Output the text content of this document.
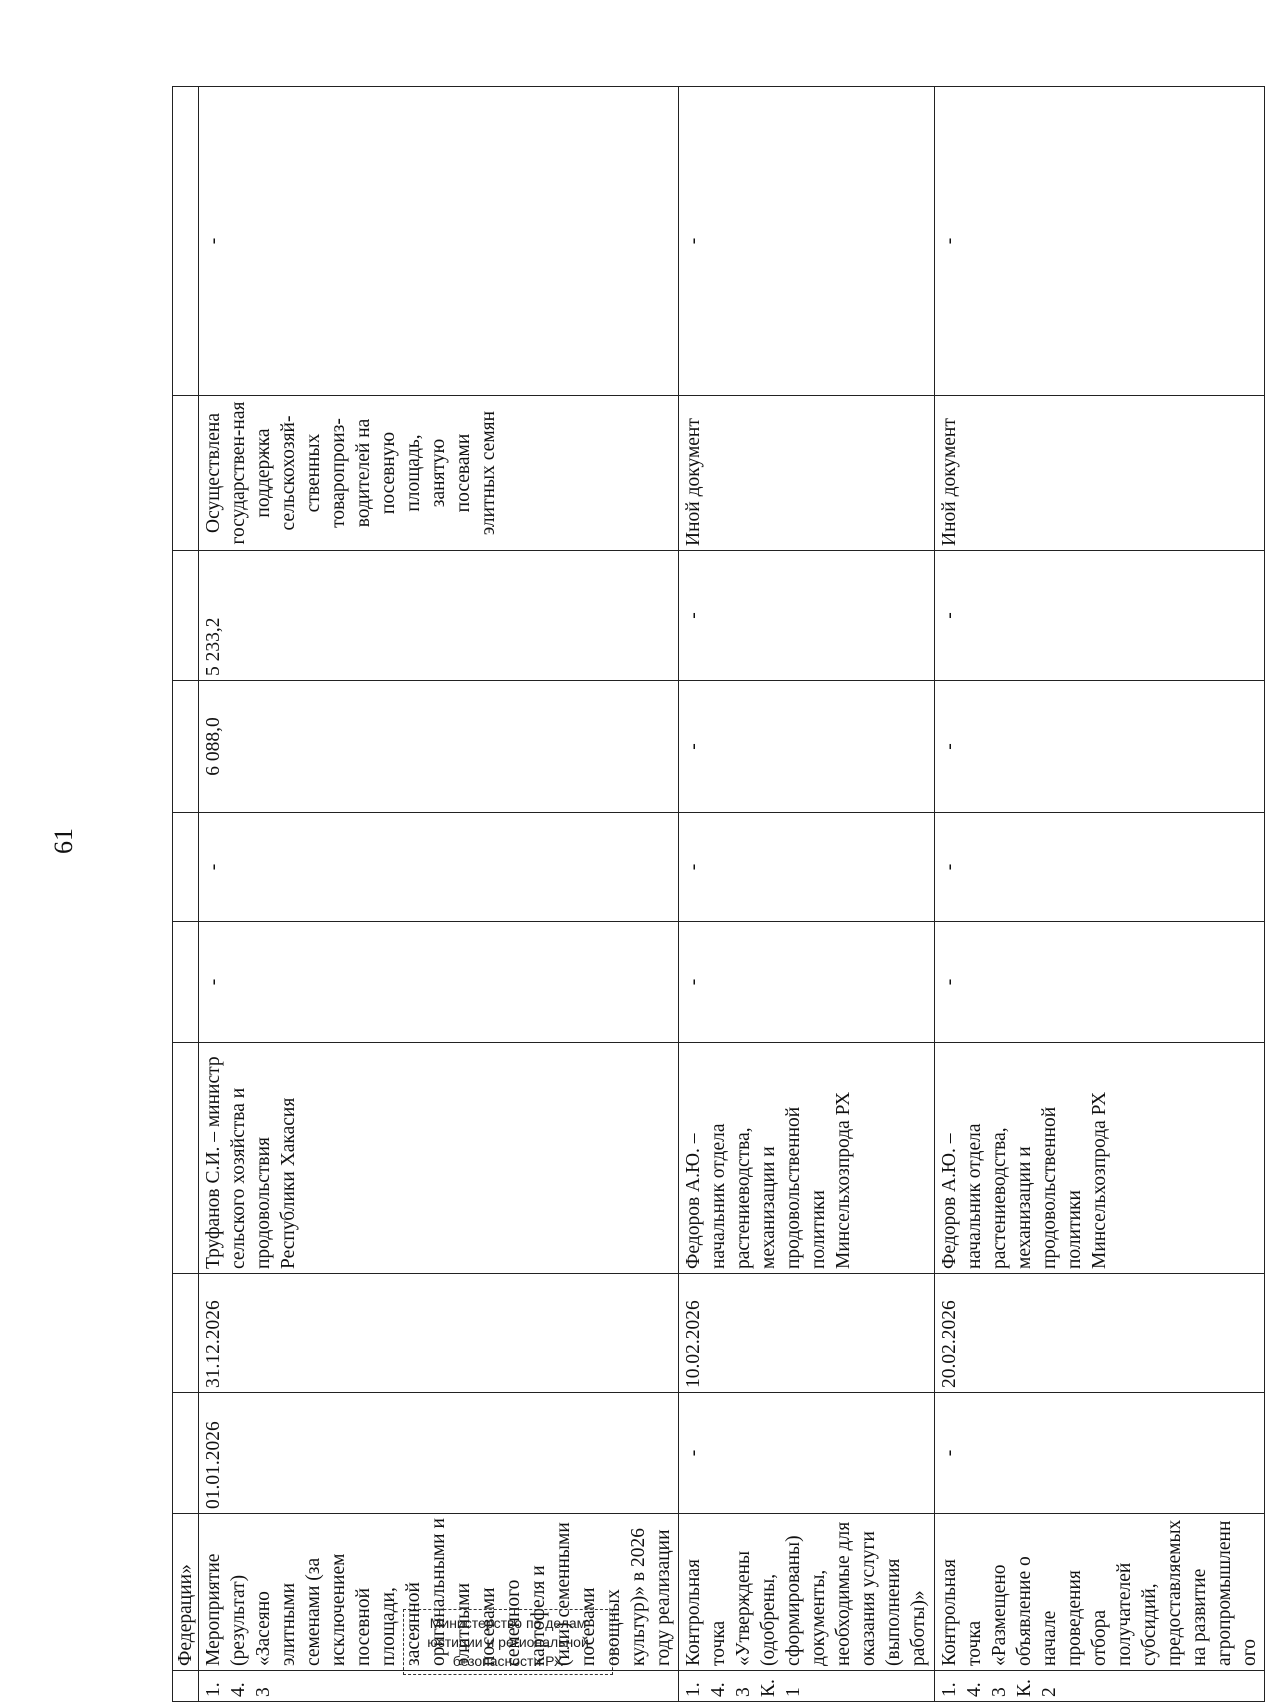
61
	Федерации»									
1.4.3	Мероприятие (результат) «Засеяно элитными семенами (за исключением посевной площади, засеянной оригинальными и элитными посевами семенного картофеля и (или) семенными посевами овощных культур)» в 2026 году реализации	01.01.2026	31.12.2026	Труфанов С.И. – министр сельского хозяйства и продовольствия Республики Хакасия	-	-	6 088,0	5 233,2	Осуществлена государствен-ная поддержка сельскохозяй-ственных товаропроиз-водителей на посевную площадь, занятую посевами элитных семян	-
1.4.3 К.1	Контрольная точка «Утверждены (одобрены, сформированы) документы, необходимые для оказания услуги (выполнения работы)»	-	10.02.2026	Федоров А.Ю. – начальник отдела растениеводства, механизации и продовольственной политики Минсельхозпрода РХ	-	-	-	-	Иной документ	-
1.4.3 К.2	Контрольная точка «Размещено объявление о начале проведения отбора получателей субсидий, предоставляемых на развитие агропромышленного	-	20.02.2026	Федоров А.Ю. – начальник отдела растениеводства, механизации и продовольственной политики Минсельхозпрода РХ	-	-	-	-	Иной документ	-
Министерство по делам
юстиции и региональной
безопасности РХ
